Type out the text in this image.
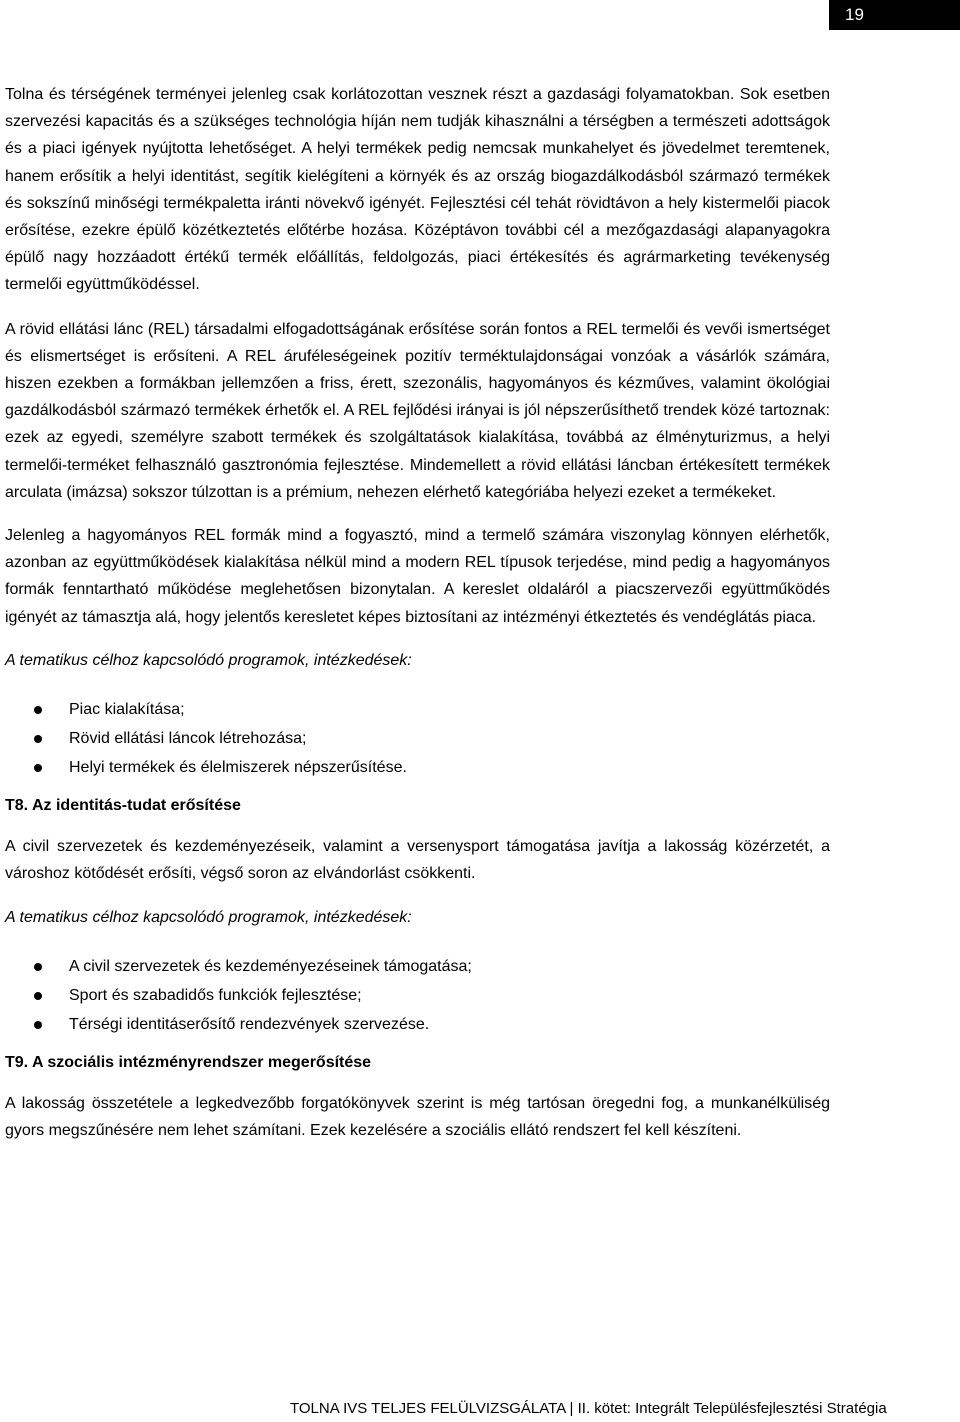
19

Tolna és térségének terményei jelenleg csak korlátozottan vesznek részt a gazdasági folyamatokban. Sok esetben szervezési kapacitás és a szükséges technológia híján nem tudják kihasználni a térségben a természeti adottságok és a piaci igények nyújtotta lehetőséget. A helyi termékek pedig nemcsak munkahelyet és jövedelmet teremtenek, hanem erősítik a helyi identitást, segítik kielégíteni a környék és az ország biogazdálkodásból származó termékek és sokszínű minőségi termékpaletta iránti növekvő igényét. Fejlesztési cél tehát rövidtávon a hely kistermelői piacok erősítése, ezekre épülő közétkeztetés előtérbe hozása. Középtávon további cél a mezőgazdasági alapanyagokra épülő nagy hozzáadott értékű termék előállítás, feldolgozás, piaci értékesítés és agrármarketing tevékenység termelői együttműködéssel.

A rövid ellátási lánc (REL) társadalmi elfogadottságának erősítése során fontos a REL termelői és vevői ismertséget és elismertséget is erősíteni. A REL áruféleségeinek pozitív terméktulajdonságai vonzóak a vásárlók számára, hiszen ezekben a formákban jellemzően a friss, érett, szezonális, hagyományos és kézműves, valamint ökológiai gazdálkodásból származó termékek érhetők el. A REL fejlődési irányai is jól népszerűsíthető trendek közé tartoznak: ezek az egyedi, személyre szabott termékek és szolgáltatások kialakítása, továbbá az élményturizmus, a helyi termelői-terméket felhasználó gasztronómia fejlesztése. Mindemellett a rövid ellátási láncban értékesített termékek arculata (imázsa) sokszor túlzottan is a prémium, nehezen elérhető kategóriába helyezi ezeket a termékeket.

Jelenleg a hagyományos REL formák mind a fogyasztó, mind a termelő számára viszonylag könnyen elérhetők, azonban az együttműködések kialakítása nélkül mind a modern REL típusok terjedése, mind pedig a hagyományos formák fenntartható működése meglehetősen bizonytalan. A kereslet oldaláról a piacszervezői együttműködés igényét az támasztja alá, hogy jelentős keresletet képes biztosítani az intézményi étkeztetés és vendéglátás piaca.

A tematikus célhoz kapcsolódó programok, intézkedések:

Piac kialakítása;
Rövid ellátási láncok létrehozása;
Helyi termékek és élelmiszerek népszerűsítése.
T8. Az identitás-tudat erősítése

A civil szervezetek és kezdeményezéseik, valamint a versenysport támogatása javítja a lakosság közérzetét, a városhoz kötődését erősíti, végső soron az elvándorlást csökkenti.

A tematikus célhoz kapcsolódó programok, intézkedések:

A civil szervezetek és kezdeményezéseinek támogatása;
Sport és szabadidős funkciók fejlesztése;
Térségi identitáserősítő rendezvények szervezése.
T9. A szociális intézményrendszer megerősítése

A lakosság összetétele a legkedvezőbb forgatókönyvek szerint is még tartósan öregedni fog, a munkanélküliség gyors megszűnésére nem lehet számítani. Ezek kezelésére a szociális ellátó rendszert fel kell készíteni.

TOLNA IVS TELJES FELÜLVIZSGÁLATA | II. kötet: Integrált Településfejlesztési Stratégia
